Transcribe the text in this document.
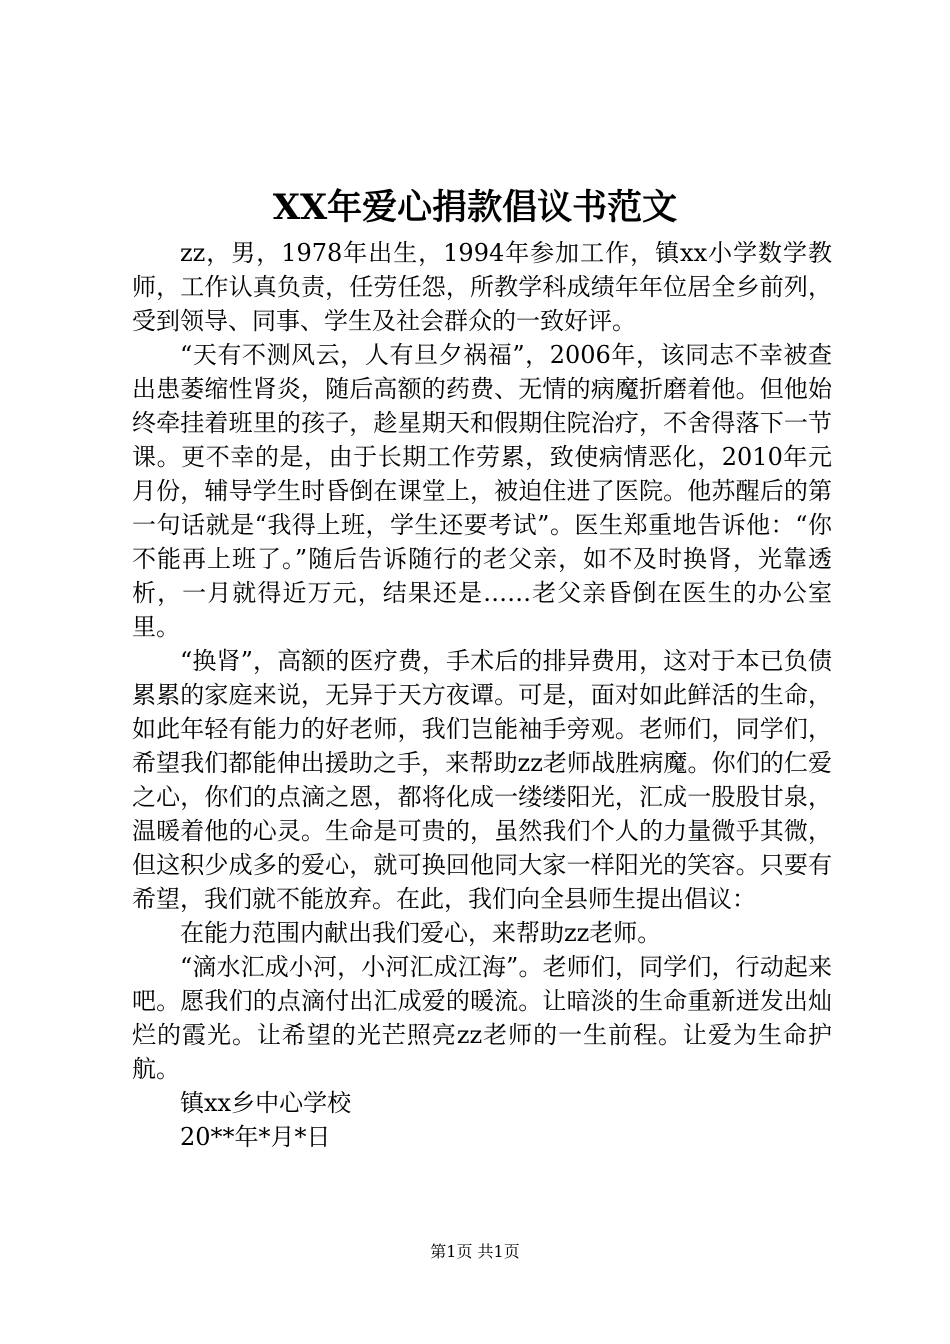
XX年爱心捐款倡议书范文

zz，男，1978年出生，1994年参加工作，镇xx小学数学教师，工作认真负责，任劳任怨，所教学科成绩年年位居全乡前列，受到领导、同事、学生及社会群众的一致好评。

“天有不测风云，人有旦夕祸福”，2006年，该同志不幸被查出患萎缩性肾炎，随后高额的药费、无情的病魔折磨着他。但他始终牵挂着班里的孩子，趁星期天和假期住院治疗，不舍得落下一节课。更不幸的是，由于长期工作劳累，致使病情恶化，2010年元月份，辅导学生时昏倒在课堂上，被迫住进了医院。他苏醒后的第一句话就是“我得上班，学生还要考试”。医生郑重地告诉他：“你不能再上班了。”随后告诉随行的老父亲，如不及时换肾，光靠透析，一月就得近万元，结果还是……老父亲昏倒在医生的办公室里。

“换肾”，高额的医疗费，手术后的排异费用，这对于本已负债累累的家庭来说，无异于天方夜谭。可是，面对如此鲜活的生命，如此年轻有能力的好老师，我们岂能袖手旁观。老师们，同学们，希望我们都能伸出援助之手，来帮助zz老师战胜病魔。你们的仁爱之心，你们的点滴之恩，都将化成一缕缕阳光，汇成一股股甘泉，温暖着他的心灵。生命是可贵的，虽然我们个人的力量微乎其微，但这积少成多的爱心，就可换回他同大家一样阳光的笑容。只要有希望，我们就不能放弃。在此，我们向全县师生提出倡议：

在能力范围内献出我们爱心，来帮助zz老师。

“滴水汇成小河，小河汇成江海”。老师们，同学们，行动起来吧。愿我们的点滴付出汇成爱的暖流。让暗淡的生命重新迸发出灿烂的霞光。让希望的光芒照亮zz老师的一生前程。让爱为生命护航。

镇xx乡中心学校

20**年*月*日

第1页 共1页
